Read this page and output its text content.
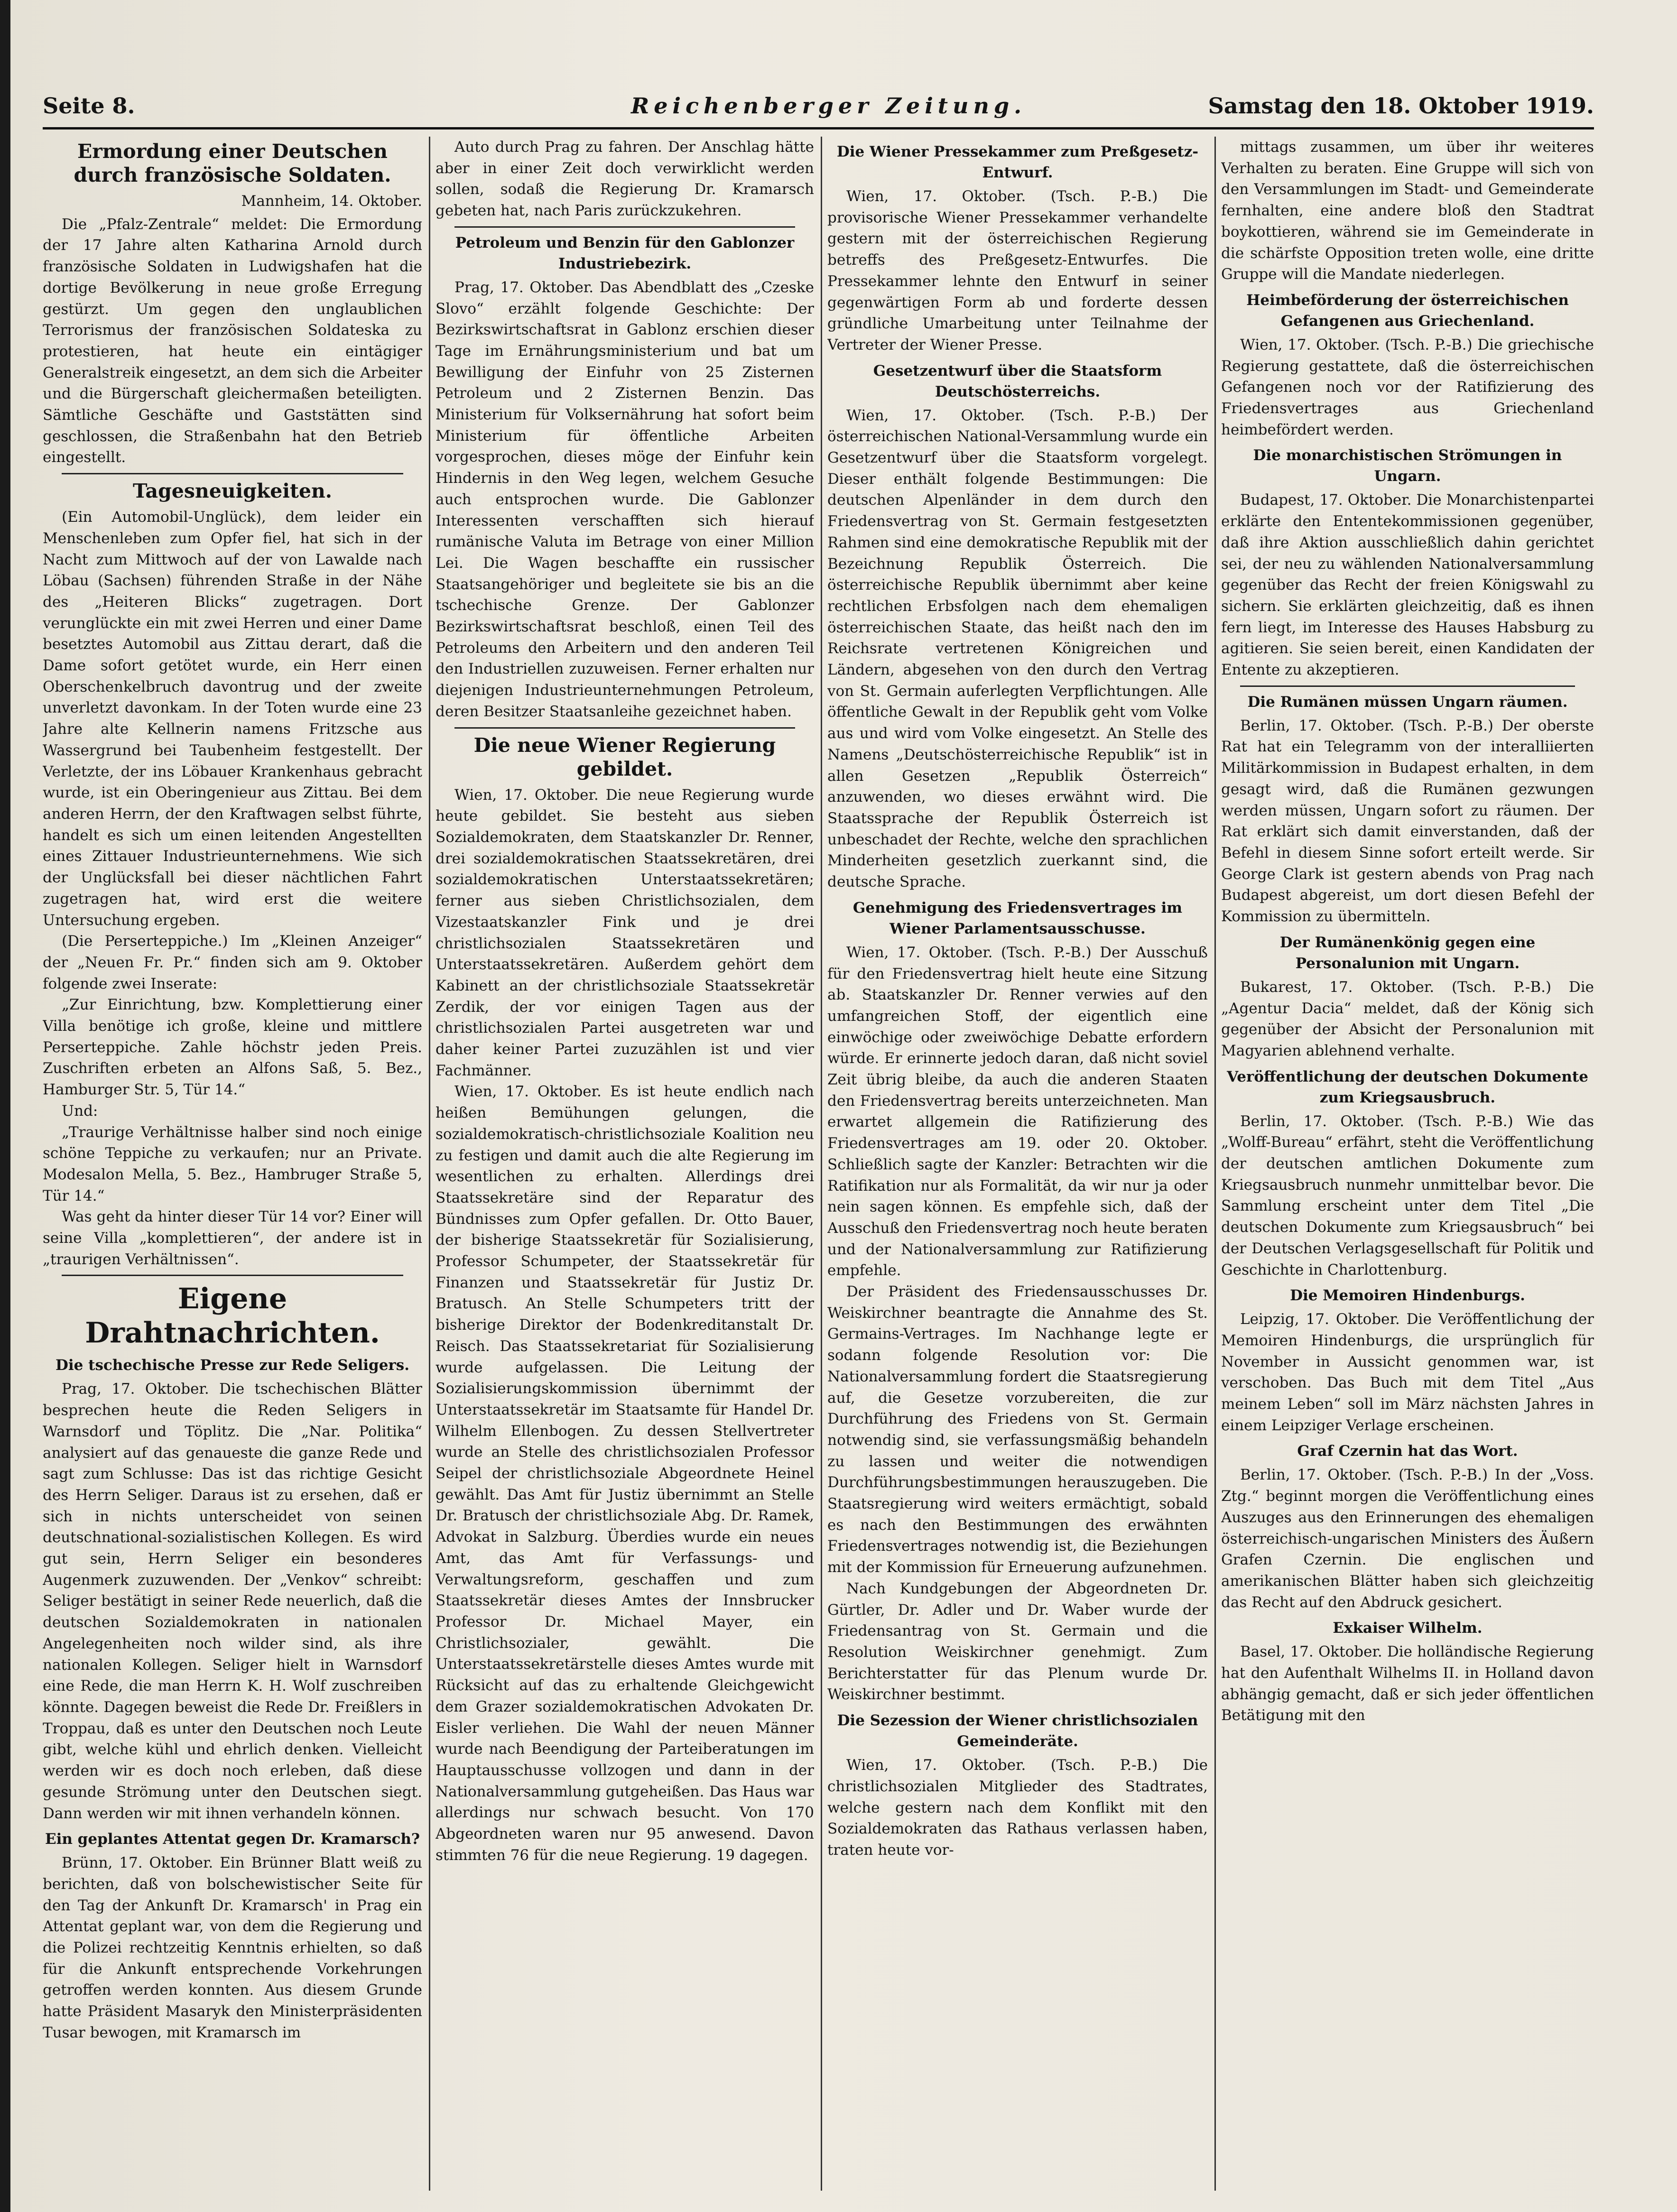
Seite 8.	Reichenberger Zeitung.	Samstag den 18. Oktober 1919.
Ermordung einer Deutschen durch französische Soldaten.

Mannheim, 14. Oktober.

Die „Pfalz-Zentrale“ meldet: Die Ermordung der 17 Jahre alten Katharina Arnold durch französische Soldaten in Ludwigshafen hat die dortige Bevölkerung in neue große Erregung gestürzt. Um gegen den unglaublichen Terrorismus der französischen Soldateska zu protestieren, hat heute ein eintägiger Generalstreik eingesetzt, an dem sich die Arbeiter und die Bürgerschaft gleichermaßen beteiligten. Sämtliche Geschäfte und Gaststätten sind geschlossen, die Straßenbahn hat den Betrieb eingestellt.

Tagesneuigkeiten.

(Ein Automobil-Unglück), dem leider ein Menschenleben zum Opfer fiel, hat sich in der Nacht zum Mittwoch auf der von Lawalde nach Löbau (Sachsen) führenden Straße in der Nähe des „Heiteren Blicks“ zugetragen. Dort verunglückte ein mit zwei Herren und einer Dame besetztes Automobil aus Zittau derart, daß die Dame sofort getötet wurde, ein Herr einen Oberschenkelbruch davontrug und der zweite unverletzt davonkam. In der Toten wurde eine 23 Jahre alte Kellnerin namens Fritzsche aus Wassergrund bei Taubenheim festgestellt. Der Verletzte, der ins Löbauer Krankenhaus gebracht wurde, ist ein Oberingenieur aus Zittau. Bei dem anderen Herrn, der den Kraftwagen selbst führte, handelt es sich um einen leitenden Angestellten eines Zittauer Industrieunternehmens. Wie sich der Unglücksfall bei dieser nächtlichen Fahrt zugetragen hat, wird erst die weitere Untersuchung ergeben.

(Die Perserteppiche.) Im „Kleinen Anzeiger“ der „Neuen Fr. Pr.“ finden sich am 9. Oktober folgende zwei Inserate:

„Zur Einrichtung, bzw. Komplettierung einer Villa benötige ich große, kleine und mittlere Perserteppiche. Zahle höchstr jeden Preis. Zuschriften erbeten an Alfons Saß, 5. Bez., Hamburger Str. 5, Tür 14.“

Und:

„Traurige Verhältnisse halber sind noch einige schöne Teppiche zu verkaufen; nur an Private. Modesalon Mella, 5. Bez., Hambruger Straße 5, Tür 14.“

Was geht da hinter dieser Tür 14 vor? Einer will seine Villa „komplettieren“, der andere ist in „traurigen Verhältnissen“.

Eigene Drahtnachrichten.
Die tschechische Presse zur Rede Seligers.

Prag, 17. Oktober. Die tschechischen Blätter besprechen heute die Reden Seligers in Warnsdorf und Töplitz. Die „Nar. Politika“ analysiert auf das genaueste die ganze Rede und sagt zum Schlusse: Das ist das richtige Gesicht des Herrn Seliger. Daraus ist zu ersehen, daß er sich in nichts unterscheidet von seinen deutschnational-sozialistischen Kollegen. Es wird gut sein, Herrn Seliger ein besonderes Augenmerk zuzuwenden. Der „Venkov“ schreibt: Seliger bestätigt in seiner Rede neuerlich, daß die deutschen Sozialdemokraten in nationalen Angelegenheiten noch wilder sind, als ihre nationalen Kollegen. Seliger hielt in Warnsdorf eine Rede, die man Herrn K. H. Wolf zuschreiben könnte. Dagegen beweist die Rede Dr. Freißlers in Troppau, daß es unter den Deutschen noch Leute gibt, welche kühl und ehrlich denken. Vielleicht werden wir es doch noch erleben, daß diese gesunde Strömung unter den Deutschen siegt. Dann werden wir mit ihnen verhandeln können.

Ein geplantes Attentat gegen Dr. Kramarsch?

Brünn, 17. Oktober. Ein Brünner Blatt weiß zu berichten, daß von bolschewistischer Seite für den Tag der Ankunft Dr. Kramarsch' in Prag ein Attentat geplant war, von dem die Regierung und die Polizei rechtzeitig Kenntnis erhielten, so daß für die Ankunft entsprechende Vorkehrungen getroffen werden konnten. Aus diesem Grunde hatte Präsident Masaryk den Ministerpräsidenten Tusar bewogen, mit Kramarsch im

Auto durch Prag zu fahren. Der Anschlag hätte aber in einer Zeit doch verwirklicht werden sollen, sodaß die Regierung Dr. Kramarsch gebeten hat, nach Paris zurückzukehren.

Petroleum und Benzin für den Gablonzer Industriebezirk.

Prag, 17. Oktober. Das Abendblatt des „Czeske Slovo“ erzählt folgende Geschichte: Der Bezirkswirtschaftsrat in Gablonz erschien dieser Tage im Ernährungsministerium und bat um Bewilligung der Einfuhr von 25 Zisternen Petroleum und 2 Zisternen Benzin. Das Ministerium für Volksernährung hat sofort beim Ministerium für öffentliche Arbeiten vorgesprochen, dieses möge der Einfuhr kein Hindernis in den Weg legen, welchem Gesuche auch entsprochen wurde. Die Gablonzer Interessenten verschafften sich hierauf rumänische Valuta im Betrage von einer Million Lei. Die Wagen beschaffte ein russischer Staatsangehöriger und begleitete sie bis an die tschechische Grenze. Der Gablonzer Bezirkswirtschaftsrat beschloß, einen Teil des Petroleums den Arbeitern und den anderen Teil den Industriellen zuzuweisen. Ferner erhalten nur diejenigen Industrieunternehmungen Petroleum, deren Besitzer Staatsanleihe gezeichnet haben.

Die neue Wiener Regierung gebildet.

Wien, 17. Oktober. Die neue Regierung wurde heute gebildet. Sie besteht aus sieben Sozialdemokraten, dem Staatskanzler Dr. Renner, drei sozialdemokratischen Staatssekretären, drei sozialdemokratischen Unterstaatssekretären; ferner aus sieben Christlichsozialen, dem Vizestaatskanzler Fink und je drei christlichsozialen Staatssekretären und Unterstaatssekretären. Außerdem gehört dem Kabinett an der christlichsoziale Staatssekretär Zerdik, der vor einigen Tagen aus der christlichsozialen Partei ausgetreten war und daher keiner Partei zuzuzählen ist und vier Fachmänner.

Wien, 17. Oktober. Es ist heute endlich nach heißen Bemühungen gelungen, die sozialdemokratisch-christlichsoziale Koalition neu zu festigen und damit auch die alte Regierung im wesentlichen zu erhalten. Allerdings drei Staatssekretäre sind der Reparatur des Bündnisses zum Opfer gefallen. Dr. Otto Bauer, der bisherige Staatssekretär für Sozialisierung, Professor Schumpeter, der Staatssekretär für Finanzen und Staatssekretär für Justiz Dr. Bratusch. An Stelle Schumpeters tritt der bisherige Direktor der Bodenkreditanstalt Dr. Reisch. Das Staatssekretariat für Sozialisierung wurde aufgelassen. Die Leitung der Sozialisierungskommission übernimmt der Unterstaatssekretär im Staatsamte für Handel Dr. Wilhelm Ellenbogen. Zu dessen Stellvertreter wurde an Stelle des christlichsozialen Professor Seipel der christlichsoziale Abgeordnete Heinel gewählt. Das Amt für Justiz übernimmt an Stelle Dr. Bratusch der christlichsoziale Abg. Dr. Ramek, Advokat in Salzburg. Überdies wurde ein neues Amt, das Amt für Verfassungs- und Verwaltungsreform, geschaffen und zum Staatssekretär dieses Amtes der Innsbrucker Professor Dr. Michael Mayer, ein Christlichsozialer, gewählt. Die Unterstaatssekretärstelle dieses Amtes wurde mit Rücksicht auf das zu erhaltende Gleichgewicht dem Grazer sozialdemokratischen Advokaten Dr. Eisler verliehen. Die Wahl der neuen Männer wurde nach Beendigung der Parteiberatungen im Hauptausschusse vollzogen und dann in der Nationalversammlung gutgeheißen. Das Haus war allerdings nur schwach besucht. Von 170 Abgeordneten waren nur 95 anwesend. Davon stimmten 76 für die neue Regierung. 19 dagegen.

Die Wiener Pressekammer zum Preßgesetz-Entwurf.

Wien, 17. Oktober. (Tsch. P.-B.) Die provisorische Wiener Pressekammer verhandelte gestern mit der österreichischen Regierung betreffs des Preßgesetz-Entwurfes. Die Pressekammer lehnte den Entwurf in seiner gegenwärtigen Form ab und forderte dessen gründliche Umarbeitung unter Teilnahme der Vertreter der Wiener Presse.

Gesetzentwurf über die Staatsform Deutschösterreichs.

Wien, 17. Oktober. (Tsch. P.-B.) Der österreichischen National-Versammlung wurde ein Gesetzentwurf über die Staatsform vorgelegt. Dieser enthält folgende Bestimmungen: Die deutschen Alpenländer in dem durch den Friedensvertrag von St. Germain festgesetzten Rahmen sind eine demokratische Republik mit der Bezeichnung Republik Österreich. Die österreichische Republik übernimmt aber keine rechtlichen Erbsfolgen nach dem ehemaligen österreichischen Staate, das heißt nach den im Reichsrate vertretenen Königreichen und Ländern, abgesehen von den durch den Vertrag von St. Germain auferlegten Verpflichtungen. Alle öffentliche Gewalt in der Republik geht vom Volke aus und wird vom Volke eingesetzt. An Stelle des Namens „Deutschösterreichische Republik“ ist in allen Gesetzen „Republik Österreich“ anzuwenden, wo dieses erwähnt wird. Die Staatssprache der Republik Österreich ist unbeschadet der Rechte, welche den sprachlichen Minderheiten gesetzlich zuerkannt sind, die deutsche Sprache.

Genehmigung des Friedensvertrages im Wiener Parlamentsausschusse.

Wien, 17. Oktober. (Tsch. P.-B.) Der Ausschuß für den Friedensvertrag hielt heute eine Sitzung ab. Staatskanzler Dr. Renner verwies auf den umfangreichen Stoff, der eigentlich eine einwöchige oder zweiwöchige Debatte erfordern würde. Er erinnerte jedoch daran, daß nicht soviel Zeit übrig bleibe, da auch die anderen Staaten den Friedensvertrag bereits unterzeichneten. Man erwartet allgemein die Ratifizierung des Friedensvertrages am 19. oder 20. Oktober. Schließlich sagte der Kanzler: Betrachten wir die Ratifikation nur als Formalität, da wir nur ja oder nein sagen können. Es empfehle sich, daß der Ausschuß den Friedensvertrag noch heute beraten und der Nationalversammlung zur Ratifizierung empfehle.

Der Präsident des Friedensausschusses Dr. Weiskirchner beantragte die Annahme des St. Germains-Vertrages. Im Nachhange legte er sodann folgende Resolution vor: Die Nationalversammlung fordert die Staatsregierung auf, die Gesetze vorzubereiten, die zur Durchführung des Friedens von St. Germain notwendig sind, sie verfassungsmäßig behandeln zu lassen und weiter die notwendigen Durchführungsbestimmungen herauszugeben. Die Staatsregierung wird weiters ermächtigt, sobald es nach den Bestimmungen des erwähnten Friedensvertrages notwendig ist, die Beziehungen mit der Kommission für Erneuerung aufzunehmen.

Nach Kundgebungen der Abgeordneten Dr. Gürtler, Dr. Adler und Dr. Waber wurde der Friedensantrag von St. Germain und die Resolution Weiskirchner genehmigt. Zum Berichterstatter für das Plenum wurde Dr. Weiskirchner bestimmt.

Die Sezession der Wiener christlichsozialen Gemeinderäte.

Wien, 17. Oktober. (Tsch. P.-B.) Die christlichsozialen Mitglieder des Stadtrates, welche gestern nach dem Konflikt mit den Sozialdemokraten das Rathaus verlassen haben, traten heute vor-

mittags zusammen, um über ihr weiteres Verhalten zu beraten. Eine Gruppe will sich von den Versammlungen im Stadt- und Gemeinderate fernhalten, eine andere bloß den Stadtrat boykottieren, während sie im Gemeinderate in die schärfste Opposition treten wolle, eine dritte Gruppe will die Mandate niederlegen.

Heimbeförderung der österreichischen Gefangenen aus Griechenland.

Wien, 17. Oktober. (Tsch. P.-B.) Die griechische Regierung gestattete, daß die österreichischen Gefangenen noch vor der Ratifizierung des Friedensvertrages aus Griechenland heimbefördert werden.

Die monarchistischen Strömungen in Ungarn.

Budapest, 17. Oktober. Die Monarchistenpartei erklärte den Ententekommissionen gegenüber, daß ihre Aktion ausschließlich dahin gerichtet sei, der neu zu wählenden Nationalversammlung gegenüber das Recht der freien Königswahl zu sichern. Sie erklärten gleichzeitig, daß es ihnen fern liegt, im Interesse des Hauses Habsburg zu agitieren. Sie seien bereit, einen Kandidaten der Entente zu akzeptieren.

Die Rumänen müssen Ungarn räumen.

Berlin, 17. Oktober. (Tsch. P.-B.) Der oberste Rat hat ein Telegramm von der interalliierten Militärkommission in Budapest erhalten, in dem gesagt wird, daß die Rumänen gezwungen werden müssen, Ungarn sofort zu räumen. Der Rat erklärt sich damit einverstanden, daß der Befehl in diesem Sinne sofort erteilt werde. Sir George Clark ist gestern abends von Prag nach Budapest abgereist, um dort diesen Befehl der Kommission zu übermitteln.

Der Rumänenkönig gegen eine Personalunion mit Ungarn.

Bukarest, 17. Oktober. (Tsch. P.-B.) Die „Agentur Dacia“ meldet, daß der König sich gegenüber der Absicht der Personalunion mit Magyarien ablehnend verhalte.

Veröffentlichung der deutschen Dokumente zum Kriegsausbruch.

Berlin, 17. Oktober. (Tsch. P.-B.) Wie das „Wolff-Bureau“ erfährt, steht die Veröffentlichung der deutschen amtlichen Dokumente zum Kriegsausbruch nunmehr unmittelbar bevor. Die Sammlung erscheint unter dem Titel „Die deutschen Dokumente zum Kriegsausbruch“ bei der Deutschen Verlagsgesellschaft für Politik und Geschichte in Charlottenburg.

Die Memoiren Hindenburgs.

Leipzig, 17. Oktober. Die Veröffentlichung der Memoiren Hindenburgs, die ursprünglich für November in Aussicht genommen war, ist verschoben. Das Buch mit dem Titel „Aus meinem Leben“ soll im März nächsten Jahres in einem Leipziger Verlage erscheinen.

Graf Czernin hat das Wort.

Berlin, 17. Oktober. (Tsch. P.-B.) In der „Voss. Ztg.“ beginnt morgen die Veröffentlichung eines Auszuges aus den Erinnerungen des ehemaligen österreichisch-ungarischen Ministers des Äußern Grafen Czernin. Die englischen und amerikanischen Blätter haben sich gleichzeitig das Recht auf den Abdruck gesichert.

Exkaiser Wilhelm.

Basel, 17. Oktober. Die holländische Regierung hat den Aufenthalt Wilhelms II. in Holland davon abhängig gemacht, daß er sich jeder öffentlichen Betätigung mit den
